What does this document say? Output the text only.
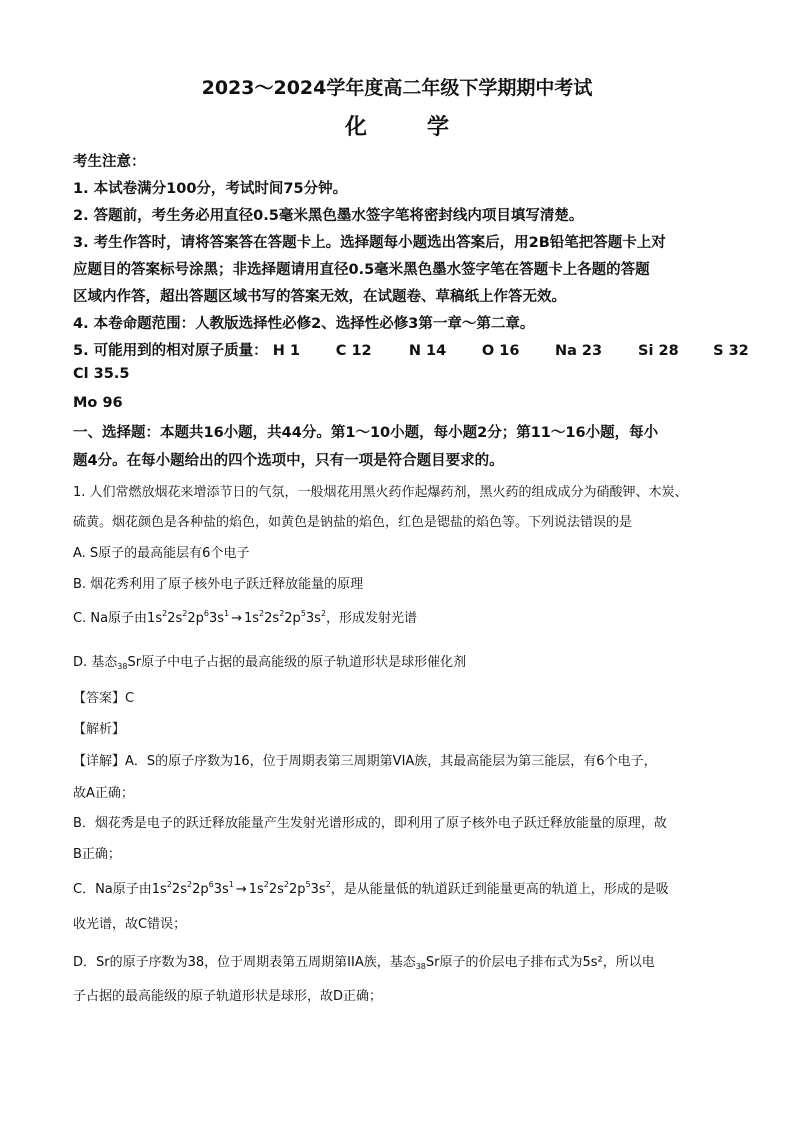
2023～2024学年度高二年级下学期期中考试
化	学
考生注意：
1. 本试卷满分100分，考试时间75分钟。
2. 答题前，考生务必用直径0.5毫米黑色墨水签字笔将密封线内项目填写清楚。
3. 考生作答时，请将答案答在答题卡上。选择题每小题选出答案后，用2B铅笔把答题卡上对
应题目的答案标号涂黑；非选择题请用直径0.5毫米黑色墨水签字笔在答题卡上各题的答题
区域内作答，超出答题区域书写的答案无效，在试题卷、草稿纸上作答无效。
4. 本卷命题范围：人教版选择性必修2、选择性必修3第一章～第二章。
5. 可能用到的相对原子质量： H 1 C 12	N 14 O 16 Na 23 Si 28 S 32
Cl 35.5
Mo 96
一、选择题：本题共16小题，共44分。第1～10小题，每小题2分；第11～16小题，每小
题4分。在每小题给出的四个选项中，只有一项是符合题目要求的。
1. 人们常燃放烟花来增添节日的气氛，一般烟花用黑火药作起爆药剂，黑火药的组成成分为硝酸钾、木炭、
硫黄。烟花颜色是各种盐的焰色，如黄色是钠盐的焰色，红色是锶盐的焰色等。下列说法错误的是
A. S原子的最高能层有6个电子
B. 烟花秀利用了原子核外电子跃迁释放能量的原理
C. Na原子由$1s^22s^22p^63s^1 \to 1s^22s^22p^53s^2$，形成发射光谱
D. 基态$_{38}$Sr原子中电子占据的最高能级的原子轨道形状是球形催化剂
【答案】C
【解析】
【详解】A．S的原子序数为16，位于周期表第三周期第VIA族，其最高能层为第三能层，有6个电子，
故A正确；
B．烟花秀是电子的跃迁释放能量产生发射光谱形成的，即利用了原子核外电子跃迁释放能量的原理，故
B正确；
C．Na原子由$1s^22s^22p^63s^1 \to 1s^22s^22p^53s^2$，是从能量低的轨道跃迁到能量更高的轨道上，形成的是吸
收光谱，故C错误；
D．Sr的原子序数为38，位于周期表第五周期第IIA族，基态$_{38}$Sr原子的价层电子排布式为5s²，所以电
子占据的最高能级的原子轨道形状是球形，故D正确；
